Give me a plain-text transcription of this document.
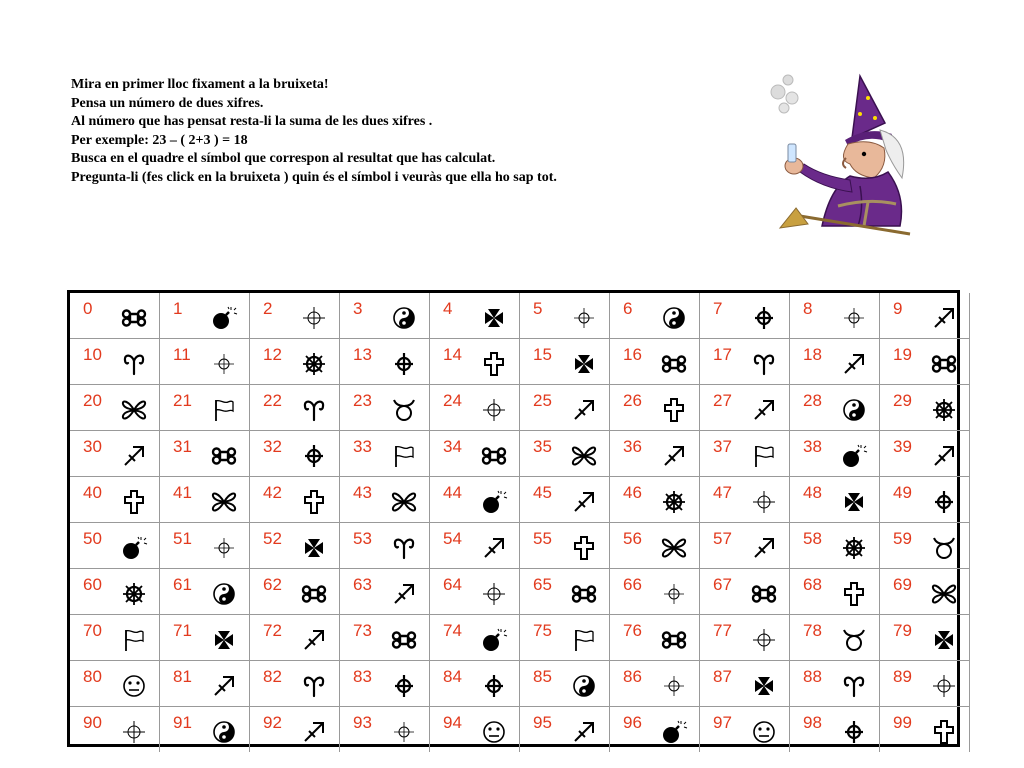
Mira en primer lloc fixament a la bruixeta!
Pensa un número de dues xifres.
Al número que has pensat resta-li la suma de les dues xifres .
Per exemple: 23 – ( 2+3 ) = 18
Busca en el quadre el símbol que correspon al resultat que has calculat.
Pregunta-li (fes click en la bruixeta ) quin és el símbol i veuràs que ella ho sap tot.
0	1	2	3	4	5	6	7	8	9

10	11	12	13	14	15	16	17	18	19

20	21	22	23	24	25	26	27	28	29

30	31	32	33	34	35	36	37	38	39

40	41	42	43	44	45	46	47	48	49

50	51	52	53	54	55	56	57	58	59

60	61	62	63	64	65	66	67	68	69

70	71	72	73	74	75	76	77	78	79

80	81	82	83	84	85	86	87	88	89

90	91	92	93	94	95	96	97	98	99
